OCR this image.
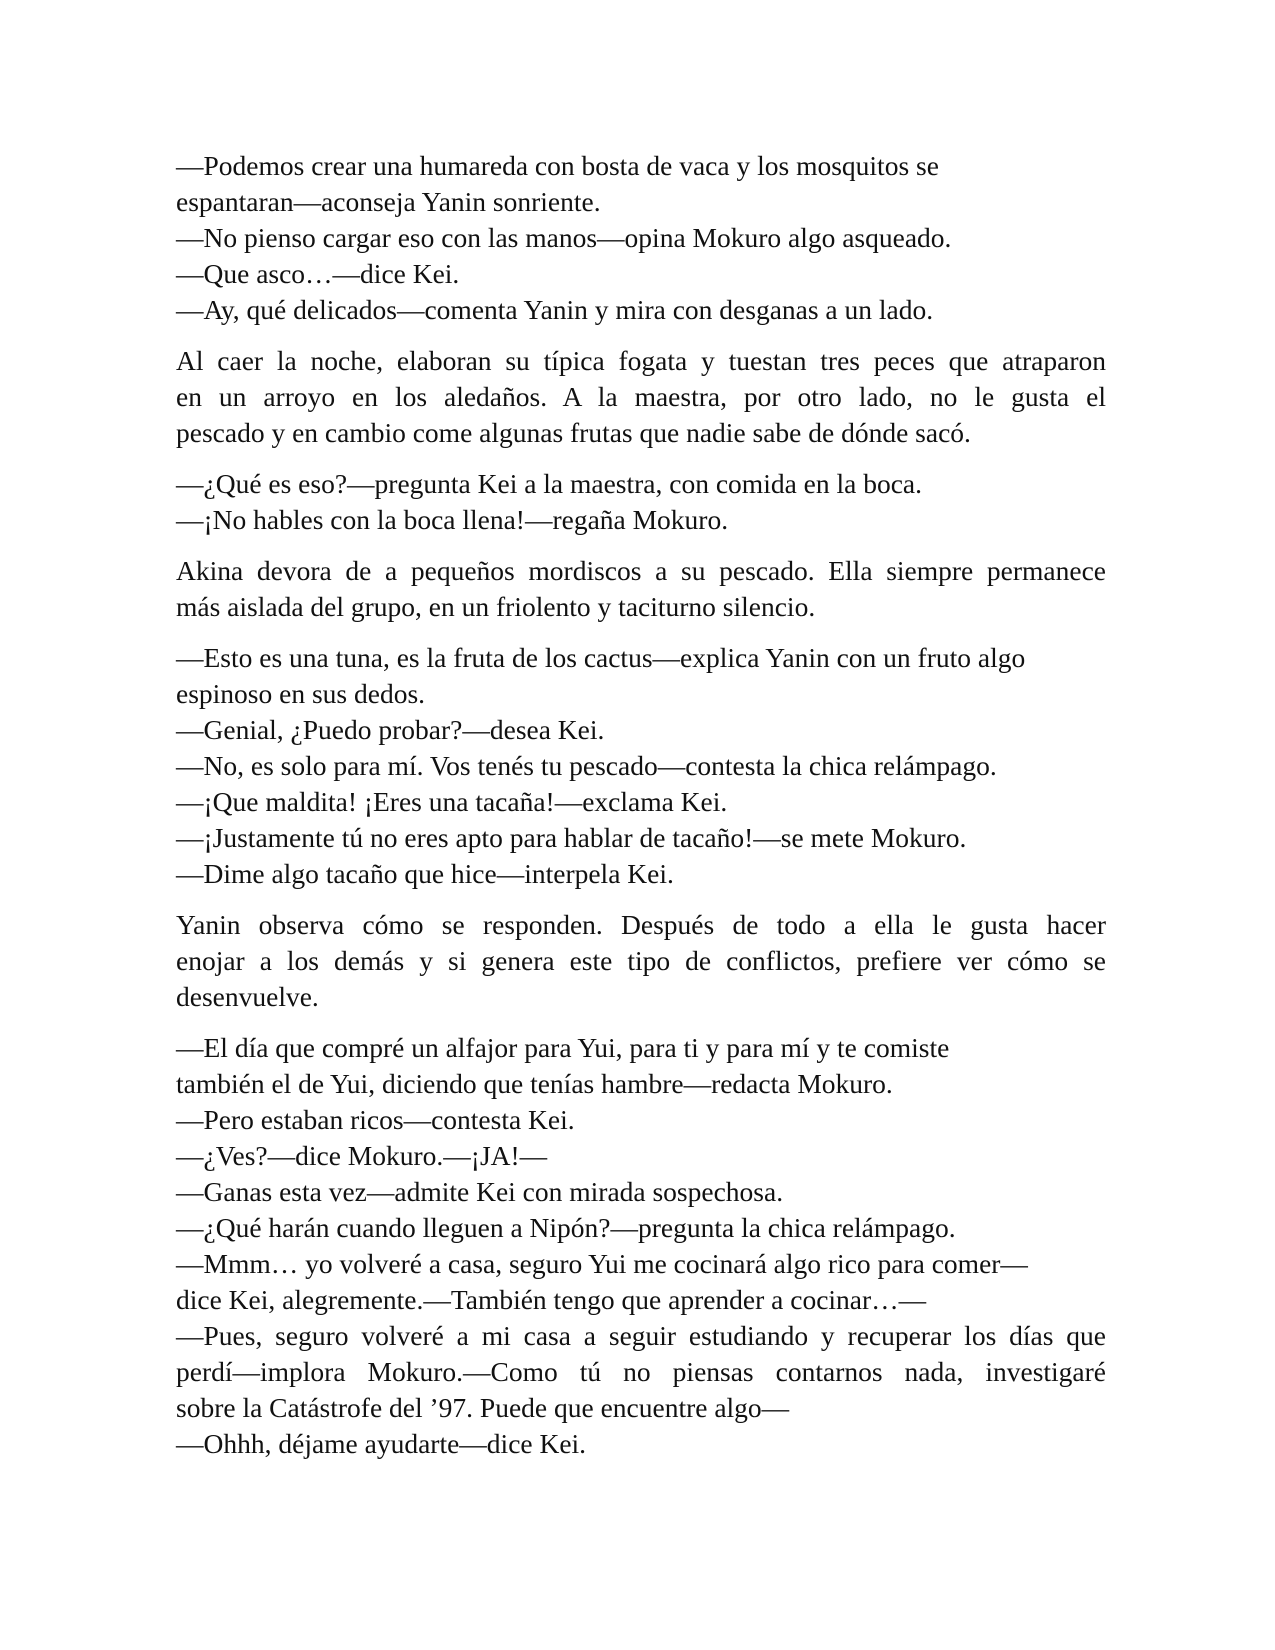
—Podemos crear una humareda con bosta de vaca y los mosquitos se
espantaran—aconseja Yanin sonriente.
—No pienso cargar eso con las manos—opina Mokuro algo asqueado.
—Que asco…—dice Kei.
—Ay, qué delicados—comenta Yanin y mira con desganas a un lado.
Al caer la noche, elaboran su típica fogata y tuestan tres peces que atraparon
en un arroyo en los aledaños. A la maestra, por otro lado, no le gusta el
pescado y en cambio come algunas frutas que nadie sabe de dónde sacó.
—¿Qué es eso?—pregunta Kei a la maestra, con comida en la boca.
—¡No hables con la boca llena!—regaña Mokuro.
Akina devora de a pequeños mordiscos a su pescado. Ella siempre permanece
más aislada del grupo, en un friolento y taciturno silencio.
—Esto es una tuna, es la fruta de los cactus—explica Yanin con un fruto algo
espinoso en sus dedos.
—Genial, ¿Puedo probar?—desea Kei.
—No, es solo para mí. Vos tenés tu pescado—contesta la chica relámpago.
—¡Que maldita! ¡Eres una tacaña!—exclama Kei.
—¡Justamente tú no eres apto para hablar de tacaño!—se mete Mokuro.
—Dime algo tacaño que hice—interpela Kei.
Yanin observa cómo se responden. Después de todo a ella le gusta hacer
enojar a los demás y si genera este tipo de conflictos, prefiere ver cómo se
desenvuelve.
—El día que compré un alfajor para Yui, para ti y para mí y te comiste
también el de Yui, diciendo que tenías hambre—redacta Mokuro.
—Pero estaban ricos—contesta Kei.
—¿Ves?—dice Mokuro.—¡JA!—
—Ganas esta vez—admite Kei con mirada sospechosa.
—¿Qué harán cuando lleguen a Nipón?—pregunta la chica relámpago.
—Mmm… yo volveré a casa, seguro Yui me cocinará algo rico para comer—
dice Kei, alegremente.—También tengo que aprender a cocinar…—
—Pues, seguro volveré a mi casa a seguir estudiando y recuperar los días que
perdí—implora Mokuro.—Como tú no piensas contarnos nada, investigaré
sobre la Catástrofe del ’97. Puede que encuentre algo—
—Ohhh, déjame ayudarte—dice Kei.
